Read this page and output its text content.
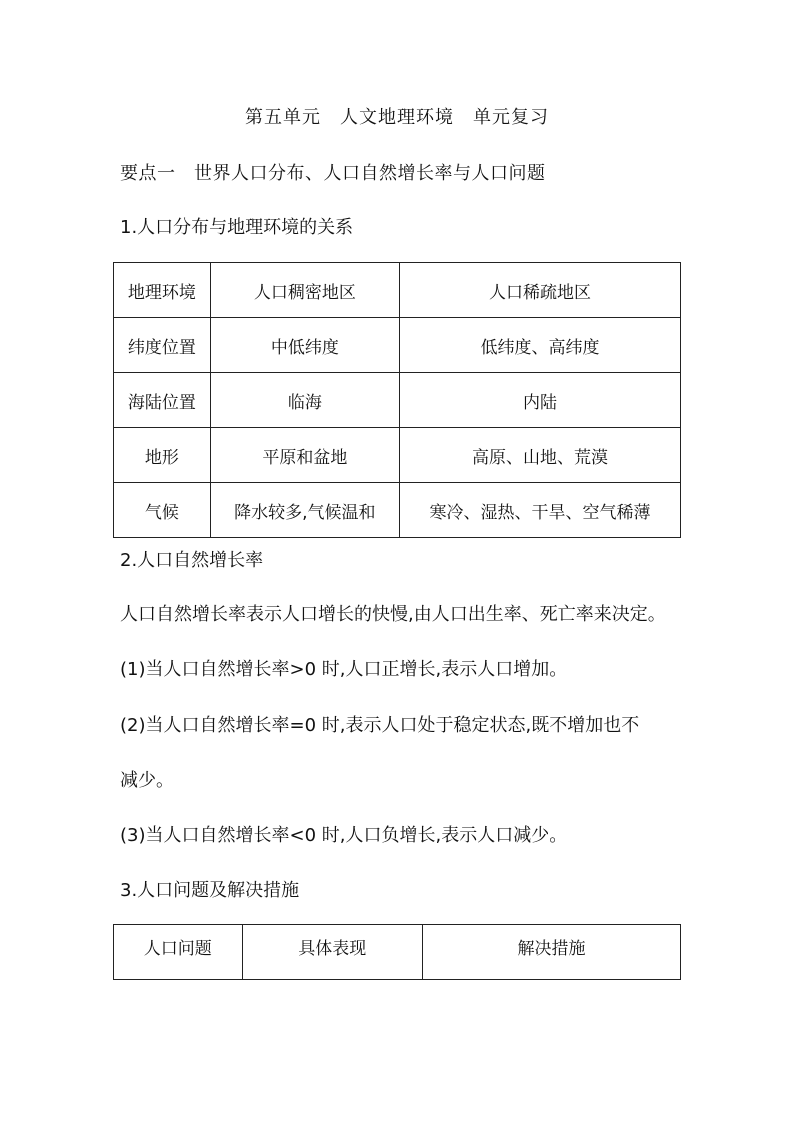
第五单元　人文地理环境　单元复习
要点一　世界人口分布、人口自然增长率与人口问题
1.人口分布与地理环境的关系
地理环境	人口稠密地区	人口稀疏地区
纬度位置	中低纬度	低纬度、高纬度
海陆位置	临海	内陆
地形	平原和盆地	高原、山地、荒漠
气候	降水较多,气候温和	寒冷、湿热、干旱、空气稀薄
2.人口自然增长率
人口自然增长率表示人口增长的快慢,由人口出生率、死亡率来决定。
(1)当人口自然增长率>0 时,人口正增长,表示人口增加。
(2)当人口自然增长率=0 时,表示人口处于稳定状态,既不增加也不
减少。
(3)当人口自然增长率<0 时,人口负增长,表示人口减少。
3.人口问题及解决措施
人口问题	具体表现	解决措施
